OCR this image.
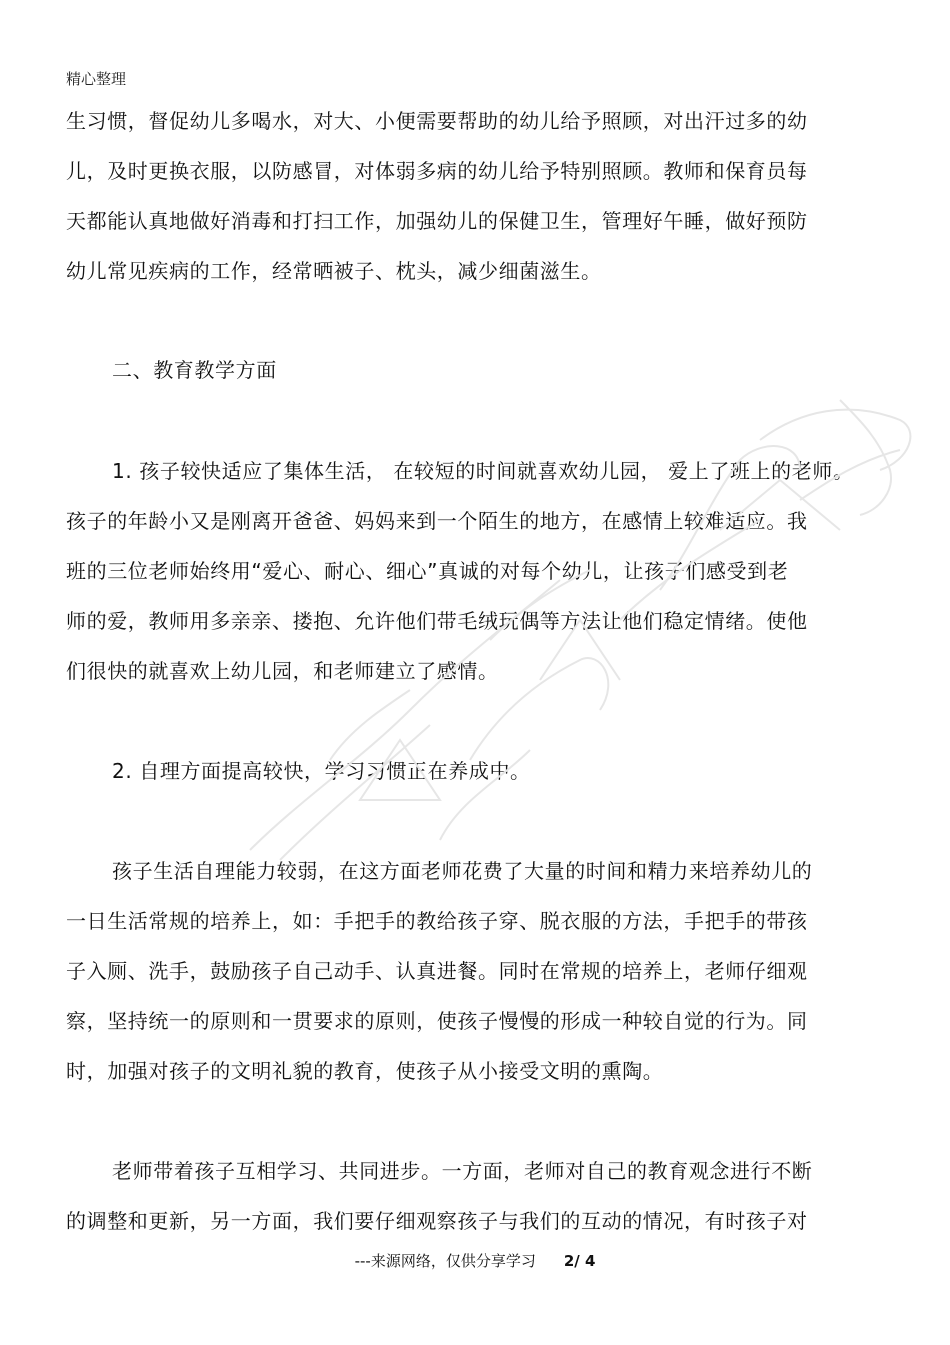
精心整理
生习惯，督促幼儿多喝水，对大、小便需要帮助的幼儿给予照顾，对出汗过多的幼
儿，及时更换衣服，以防感冒，对体弱多病的幼儿给予特别照顾。教师和保育员每
天都能认真地做好消毒和打扫工作，加强幼儿的保健卫生，管理好午睡，做好预防
幼儿常见疾病的工作，经常晒被子、枕头，减少细菌滋生。
二、教育教学方面
1. 孩子较快适应了集体生活， 在较短的时间就喜欢幼儿园， 爱上了班上的老师。
孩子的年龄小又是刚离开爸爸、妈妈来到一个陌生的地方，在感情上较难适应。我
班的三位老师始终用“爱心、耐心、细心”真诚的对每个幼儿，让孩子们感受到老
师的爱，教师用多亲亲、搂抱、允许他们带毛绒玩偶等方法让他们稳定情绪。使他
们很快的就喜欢上幼儿园，和老师建立了感情。
2. 自理方面提高较快，学习习惯正在养成中。
孩子生活自理能力较弱，在这方面老师花费了大量的时间和精力来培养幼儿的
一日生活常规的培养上，如：手把手的教给孩子穿、脱衣服的方法，手把手的带孩
子入厕、洗手，鼓励孩子自己动手、认真进餐。同时在常规的培养上，老师仔细观
察，坚持统一的原则和一贯要求的原则，使孩子慢慢的形成一种较自觉的行为。同
时，加强对孩子的文明礼貌的教育，使孩子从小接受文明的熏陶。
老师带着孩子互相学习、共同进步。一方面，老师对自己的教育观念进行不断
的调整和更新，另一方面，我们要仔细观察孩子与我们的互动的情况，有时孩子对
---来源网络，仅供分享学习 2/ 4
